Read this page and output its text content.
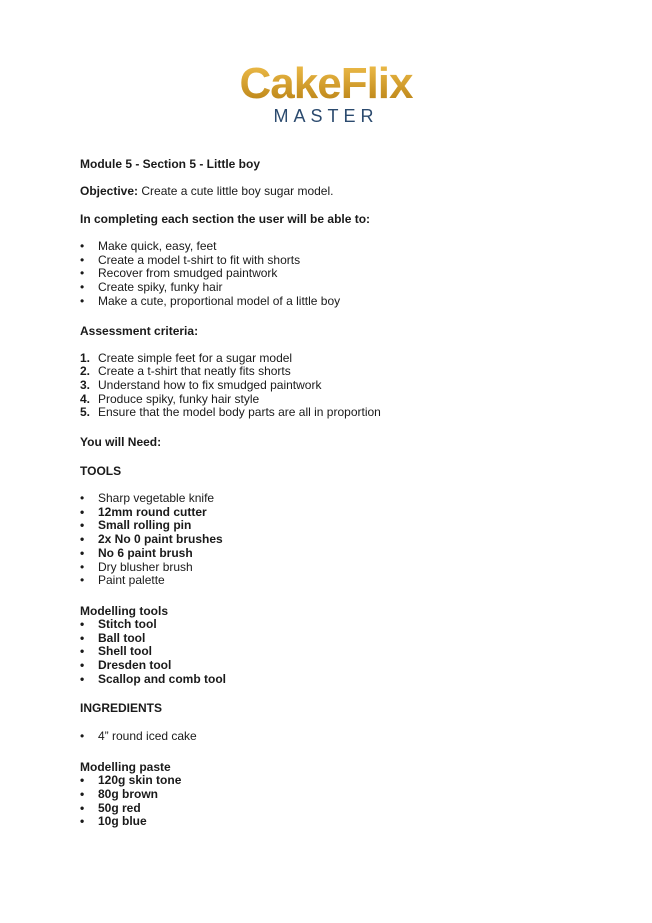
CakeFlix
MASTER

Module 5 - Section 5 - Little boy

Objective: Create a cute little boy sugar model.

In completing each section the user will be able to:

• Make quick, easy, feet
• Create a model t-shirt to fit with shorts
• Recover from smudged paintwork
• Create spiky, funky hair
• Make a cute, proportional model of a little boy

Assessment criteria:

1. Create simple feet for a sugar model
2. Create a t-shirt that neatly fits shorts
3. Understand how to fix smudged paintwork
4. Produce spiky, funky hair style
5. Ensure that the model body parts are all in proportion

You will Need:

TOOLS

• Sharp vegetable knife
• 12mm round cutter
• Small rolling pin
• 2x No 0 paint brushes
• No 6 paint brush
• Dry blusher brush
• Paint palette

Modelling tools

• Stitch tool
• Ball tool
• Shell tool
• Dresden tool
• Scallop and comb tool

INGREDIENTS

• 4” round iced cake

Modelling paste

• 120g skin tone
• 80g brown
• 50g red
• 10g blue
